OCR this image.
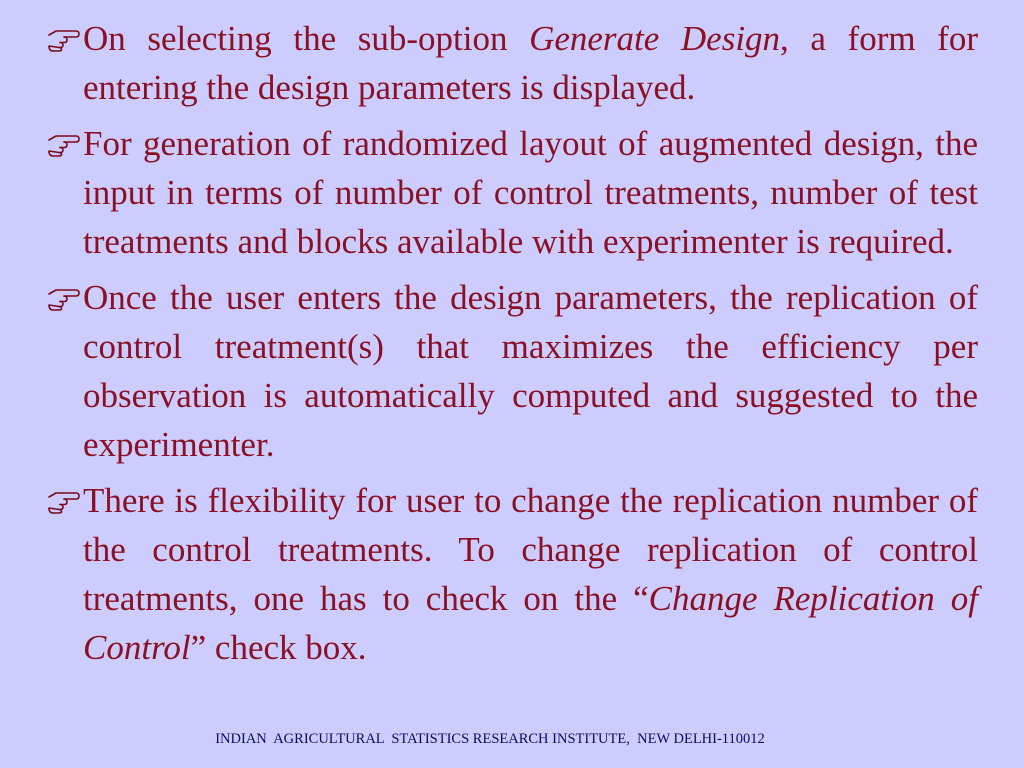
On selecting the sub-option Generate Design, a form for entering the design parameters is displayed.

For generation of randomized layout of augmented design, the input in terms of number of control treatments, number of test treatments and blocks available with experimenter is required.

Once the user enters the design parameters, the replication of control treatment(s) that maximizes the efficiency per observation is automatically computed and suggested to the experimenter.

There is flexibility for user to change the replication number of the control treatments. To change replication of control treatments, one has to check on the “Change Replication of Control” check box.

INDIAN  AGRICULTURAL  STATISTICS RESEARCH INSTITUTE,  NEW DELHI-110012
